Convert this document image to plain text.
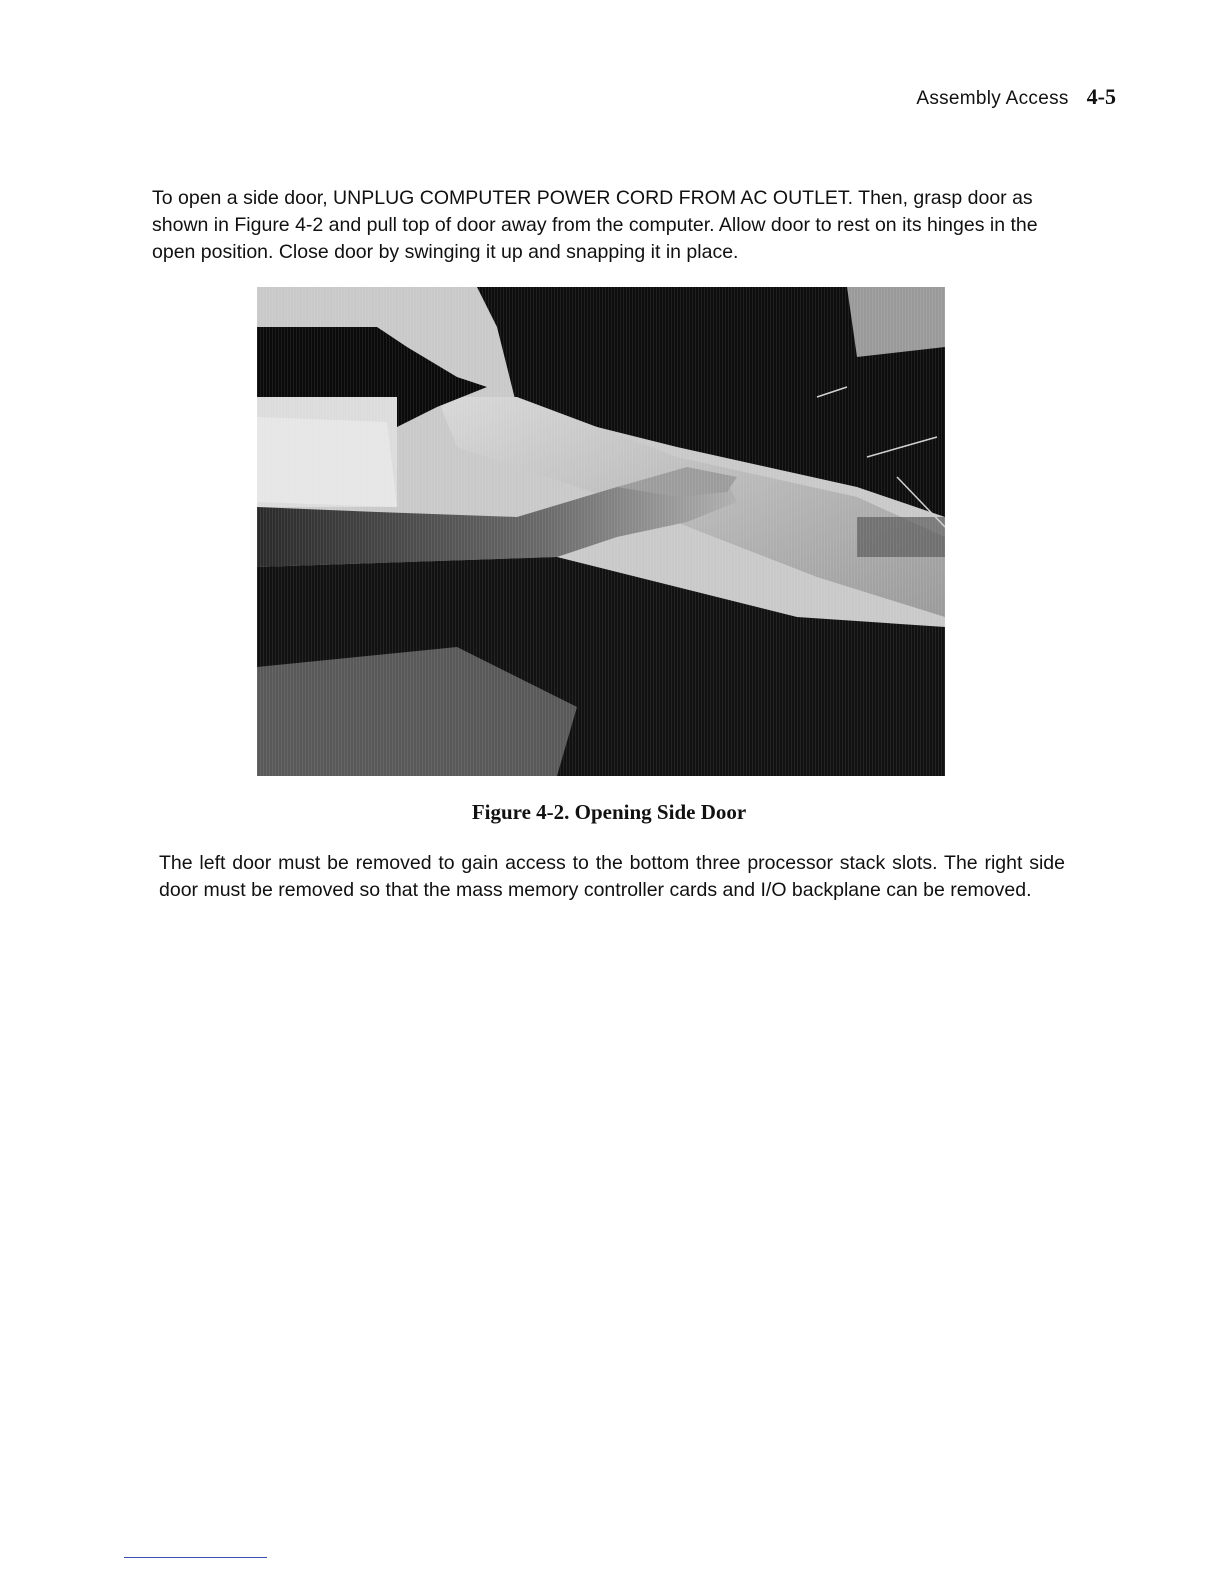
Assembly Access 4-5

To open a side door, UNPLUG COMPUTER POWER CORD FROM AC OUTLET. Then, grasp door as shown in Figure 4-2 and pull top of door away from the computer. Allow door to rest on its hinges in the open position. Close door by swinging it up and snapping it in place.

Figure 4-2. Opening Side Door

The left door must be removed to gain access to the bottom three processor stack slots. The right side door must be removed so that the mass memory controller cards and I/O backplane can be removed.
